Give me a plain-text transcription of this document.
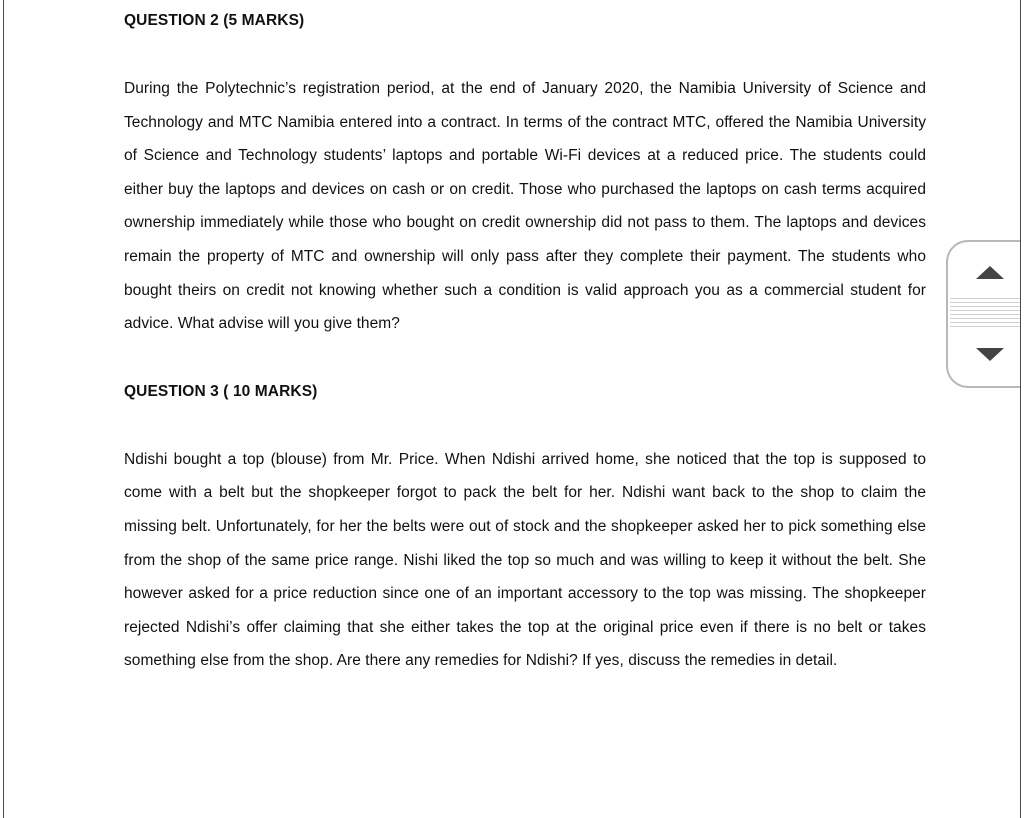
QUESTION 2 (5 MARKS)

During the Polytechnic’s registration period, at the end of January 2020, the Namibia University of Science and Technology and MTC Namibia entered into a contract. In terms of the contract MTC, offered the Namibia University of Science and Technology students’ laptops and portable Wi-Fi devices at a reduced price. The students could either buy the laptops and devices on cash or on credit. Those who purchased the laptops on cash terms acquired ownership immediately while those who bought on credit ownership did not pass to them. The laptops and devices remain the property of MTC and ownership will only pass after they complete their payment. The students who bought theirs on credit not knowing whether such a condition is valid approach you as a commercial student for advice. What advise will you give them?

QUESTION 3 ( 10 MARKS)

Ndishi bought a top (blouse) from Mr. Price. When Ndishi arrived home, she noticed that the top is supposed to come with a belt but the shopkeeper forgot to pack the belt for her. Ndishi want back to the shop to claim the missing belt. Unfortunately, for her the belts were out of stock and the shopkeeper asked her to pick something else from the shop of the same price range. Nishi liked the top so much and was willing to keep it without the belt. She however asked for a price reduction since one of an important accessory to the top was missing. The shopkeeper rejected Ndishi’s offer claiming that she either takes the top at the original price even if there is no belt or takes something else from the shop. Are there any remedies for Ndishi? If yes, discuss the remedies in detail.
